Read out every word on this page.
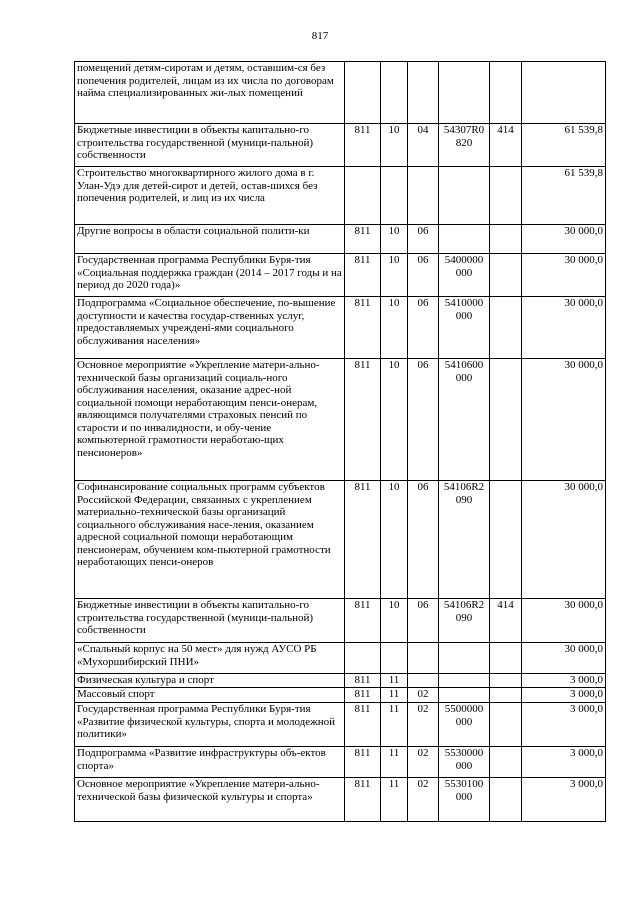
817
помещений детям-сиротам и детям, оставшим-ся без попечения родителей, лицам из их числа по договорам найма специализированных жи-лых помещений						
Бюджетные инвестиции в объекты капитально-го строительства государственной (муници-пальной) собственности	811	10	04	54307R0 820	414	61 539,8
Строительство многоквартирного жилого дома в г. Улан-Удэ для детей-сирот и детей, остав-шихся без попечения родителей, и лиц из их числа						61 539,8
Другие вопросы в области социальной полити-ки	811	10	06			30 000,0
Государственная программа Республики Буря-тия «Социальная поддержка граждан (2014 – 2017 годы и на период до 2020 года)»	811	10	06	5400000 000		30 000,0
Подпрограмма «Социальное обеспечение, по-вышение доступности и качества государ-ственных услуг, предоставляемых учрежденi-ями социального обслуживания населения»	811	10	06	5410000 000		30 000,0
Основное мероприятие «Укрепление матери-ально-технической базы организаций социаль-ного обслуживания населения, оказание адрес-ной социальной помощи неработающим пенси-онерам, являющимся получателями страховых пенсий по старости и по инвалидности, и обу-чение компьютерной грамотности неработаю-щих пенсионеров»	811	10	06	5410600 000		30 000,0
Софинансирование социальных программ субъектов Российской Федерации, связанных с укреплением материально-технической базы организаций социального обслуживания насе-ления, оказанием адресной социальной помощи неработающим пенсионерам, обучением ком-пьютерной грамотности неработающих пенси-онеров	811	10	06	54106R2 090		30 000,0
Бюджетные инвестиции в объекты капитально-го строительства государственной (муници-пальной) собственности	811	10	06	54106R2 090	414	30 000,0
«Спальный корпус на 50 мест» для нужд АУСО РБ «Мухоршибирский ПНИ»						30 000,0
Физическая культура и спорт	811	11				3 000,0
Массовый спорт	811	11	02			3 000,0
Государственная программа Республики Буря-тия «Развитие физической культуры, спорта и молодежной политики»	811	11	02	5500000 000		3 000,0
Подпрограмма «Развитие инфраструктуры объ-ектов спорта»	811	11	02	5530000 000		3 000,0
Основное мероприятие «Укрепление матери-ально-технической базы физической культуры и спорта»	811	11	02	5530100 000		3 000,0
